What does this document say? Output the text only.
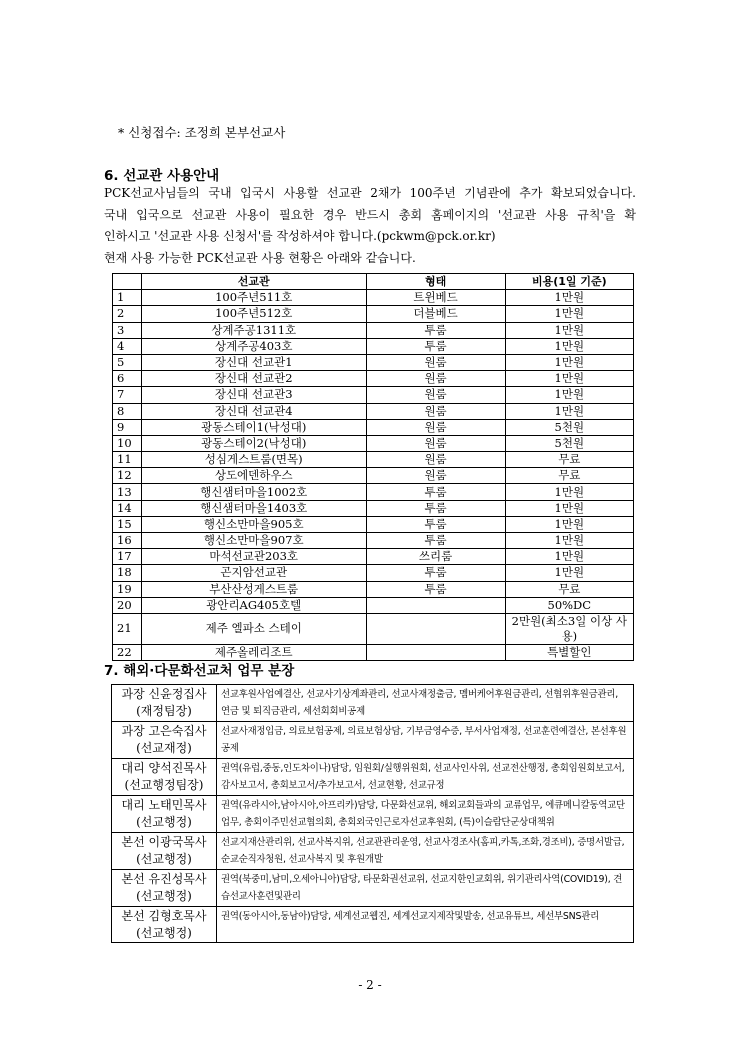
* 신청접수: 조정희 본부선교사
6. 선교관 사용안내

PCK선교사님들의 국내 입국시 사용할 선교관 2채가 100주년 기념관에 추가 확보되었습니다.

국내 입국으로 선교관 사용이 필요한 경우 반드시 총회 홈페이지의 '선교관 사용 규칙'을 확

인하시고 '선교관 사용 신청서'를 작성하셔야 합니다.(pckwm@pck.or.kr)

현재 사용 가능한 PCK선교관 사용 현황은 아래와 같습니다.

	선교관	형태	비용(1일 기준)
1	100주년511호	트윈베드	1만원
2	100주년512호	더블베드	1만원
3	상계주공1311호	투룸	1만원
4	상계주공403호	투룸	1만원
5	장신대 선교관1	원룸	1만원
6	장신대 선교관2	원룸	1만원
7	장신대 선교관3	원룸	1만원
8	장신대 선교관4	원룸	1만원
9	광동스테이1(낙성대)	원룸	5천원
10	광동스테이2(낙성대)	원룸	5천원
11	성심게스트룸(면목)	원룸	무료
12	상도에덴하우스	원룸	무료
13	행신샘터마을1002호	투룸	1만원
14	행신샘터마을1403호	투룸	1만원
15	행신소만마을905호	투룸	1만원
16	행신소만마을907호	투룸	1만원
17	마석선교관203호	쓰리룸	1만원
18	곤지암선교관	투룸	1만원
19	부산산성게스트룸	투룸	무료
20	광안리AG405호텔		50%DC
21	제주 엘파소 스테이		2만원(최소3일 이상 사용)
22	제주올레리조트		특별할인
7. 해외·다문화선교처 업무 분장
과장 신윤정집사
(재정팀장)	선교후원사업예결산, 선교사기상계좌관리, 선교사재정출금, 멤버케어후원금관리, 선협위후원금관리, 연금 및 퇴직금관리, 세선회회비공제

과장 고은숙집사
(선교재정)	선교사재정입금, 의료보험공제, 의료보험상담, 기부금영수증, 부서사업재정, 선교훈련예결산, 본선후원공제

대리 양석진목사
(선교행정팀장)	권역(유럽,중동,인도차이나)담당, 임원회/실행위원회, 선교사인사위, 선교전산행정, 총회임원회보고서, 감사보고서, 총회보고서/추가보고서, 선교현황, 선교규정

대리 노태민목사
(선교행정)	권역(유라시아,남아시아,아프리카)담당, 다문화선교위, 해외교회들과의 교류업무, 에큐메니칼동역교단업무, 총회이주민선교협의회, 총회외국인근로자선교후원회, (특)이슬람단군상대책위

본선 이광국목사
(선교행정)	선교지재산관리위, 선교사복지위, 선교관관리운영, 선교사경조사(홈피,카톡,조화,경조비), 증명서발급, 순교순직자청원, 선교사복지 및 후원개발

본선 유진성목사
(선교행정)	권역(북중미,남미,오세아니아)담당, 타문화권선교위, 선교지한인교회위, 위기관리사역(COVID19), 견습선교사훈련및관리

본선 김형호목사
(선교행정)	권역(동아시아,동남아)담당, 세계선교웹진, 세계선교지제작및발송, 선교유튜브, 세선부SNS관리
- 2 -
